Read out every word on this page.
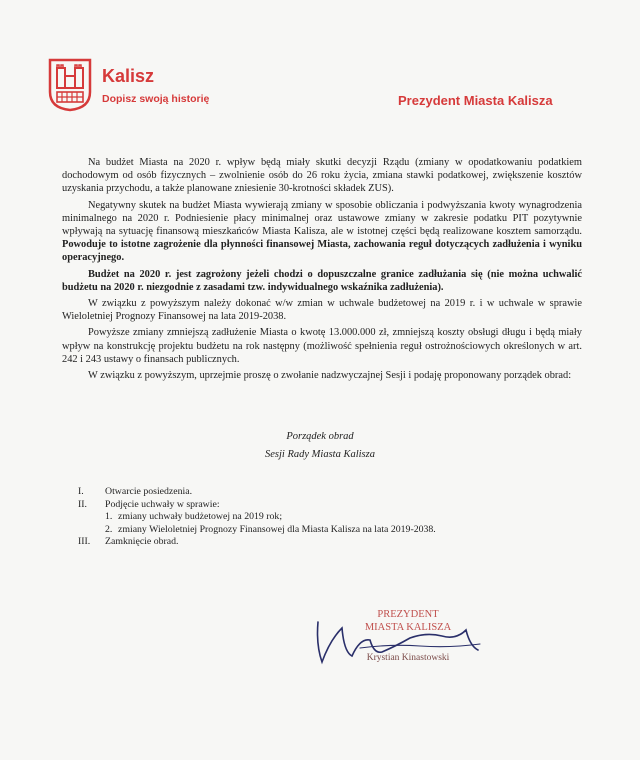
Kalisz
Dopisz swoją historię	Prezydent Miasta Kalisza

Na budżet Miasta na 2020 r. wpływ będą miały skutki decyzji Rządu (zmiany w opodatkowaniu podatkiem dochodowym od osób fizycznych – zwolnienie osób do 26 roku życia, zmiana stawki podatkowej, zwiększenie kosztów uzyskania przychodu, a także planowane zniesienie 30-krotności składek ZUS).

Negatywny skutek na budżet Miasta wywierają zmiany w sposobie obliczania i podwyższania kwoty wynagrodzenia minimalnego na 2020 r. Podniesienie płacy minimalnej oraz ustawowe zmiany w zakresie podatku PIT pozytywnie wpływają na sytuację finansową mieszkańców Miasta Kalisza, ale w istotnej części będą realizowane kosztem samorządu. Powoduje to istotne zagrożenie dla płynności finansowej Miasta, zachowania reguł dotyczących zadłużenia i wyniku operacyjnego.

Budżet na 2020 r. jest zagrożony jeżeli chodzi o dopuszczalne granice zadłużania się (nie można uchwalić budżetu na 2020 r. niezgodnie z zasadami tzw. indywidualnego wskaźnika zadłużenia).

W związku z powyższym należy dokonać w/w zmian w uchwale budżetowej na 2019 r. i w uchwale w sprawie Wieloletniej Prognozy Finansowej na lata 2019-2038.

Powyższe zmiany zmniejszą zadłużenie Miasta o kwotę 13.000.000 zł, zmniejszą koszty obsługi długu i będą miały wpływ na konstrukcję projektu budżetu na rok następny (możliwość spełnienia reguł ostrożnościowych określonych w art. 242 i 243 ustawy o finansach publicznych.

W związku z powyższym, uprzejmie proszę o zwołanie nadzwyczajnej Sesji i podaję proponowany porządek obrad:

Porządek obrad
Sesji Rady Miasta Kalisza
I.	Otwarcie posiedzenia.
II.	Podjęcie uchwały w sprawie:
1. zmiany uchwały budżetowej na 2019 rok;
2. zmiany Wieloletniej Prognozy Finansowej dla Miasta Kalisza na lata 2019-2038.
III.	Zamknięcie obrad.
PREZYDENT
MIASTA KALISZA
Krystian Kinastowski
